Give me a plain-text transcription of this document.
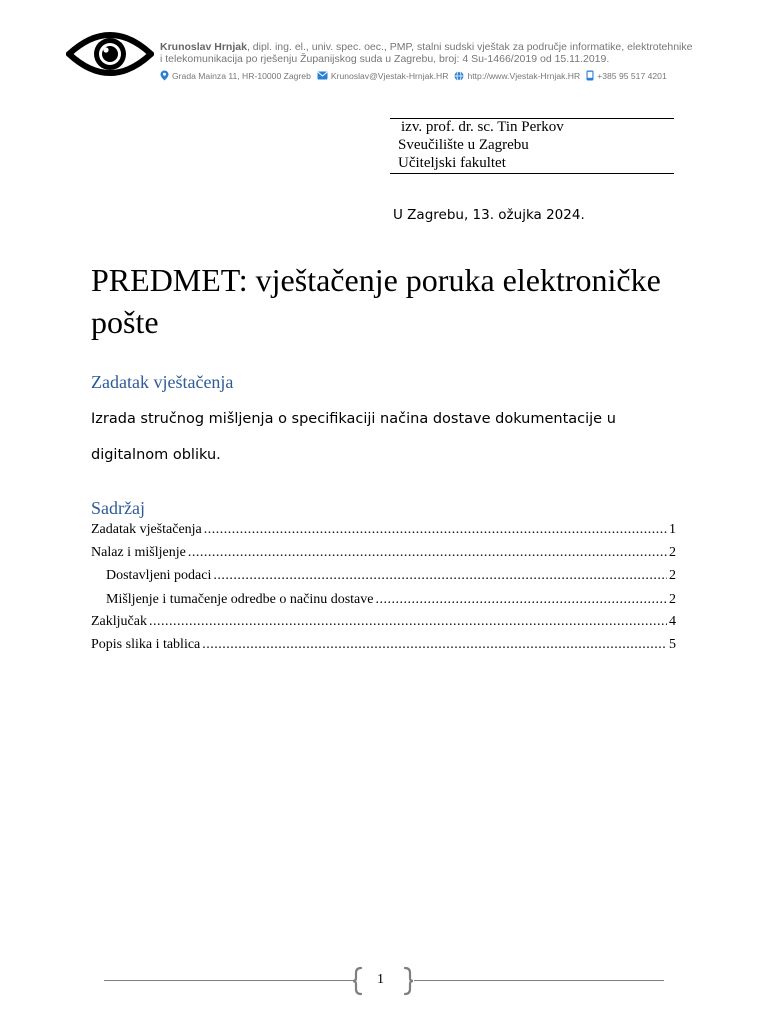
Krunoslav Hrnjak, dipl. ing. el., univ. spec. oec., PMP, stalni sudski vještak za područje informatike, elektrotehnike
i telekomunikacija po rješenju Županijskog suda u Zagrebu, broj: 4 Su-1466/2019 od 15.11.2019.
Grada Mainza 11, HR-10000 Zagreb Krunoslav@Vjestak-Hrnjak.HR http://www.Vjestak-Hrnjak.HR +385 95 517 4201
izv. prof. dr. sc. Tin Perkov
Sveučilište u Zagrebu
Učiteljski fakultet
U Zagrebu, 13. ožujka 2024.
PREDMET: vještačenje poruka elektroničke pošte
Zadatak vještačenja
Izrada stručnog mišljenja o specifikaciji načina dostave dokumentacije u
digitalnom obliku.
Sadržaj
Zadatak vještačenja .....	1
Nalaz i mišljenje .....	2
Dostavljeni podaci .....	2
Mišljenje i tumačenje odredbe o načinu dostave .....	2
Zaključak .....	4
Popis slika i tablica .....	5
1
